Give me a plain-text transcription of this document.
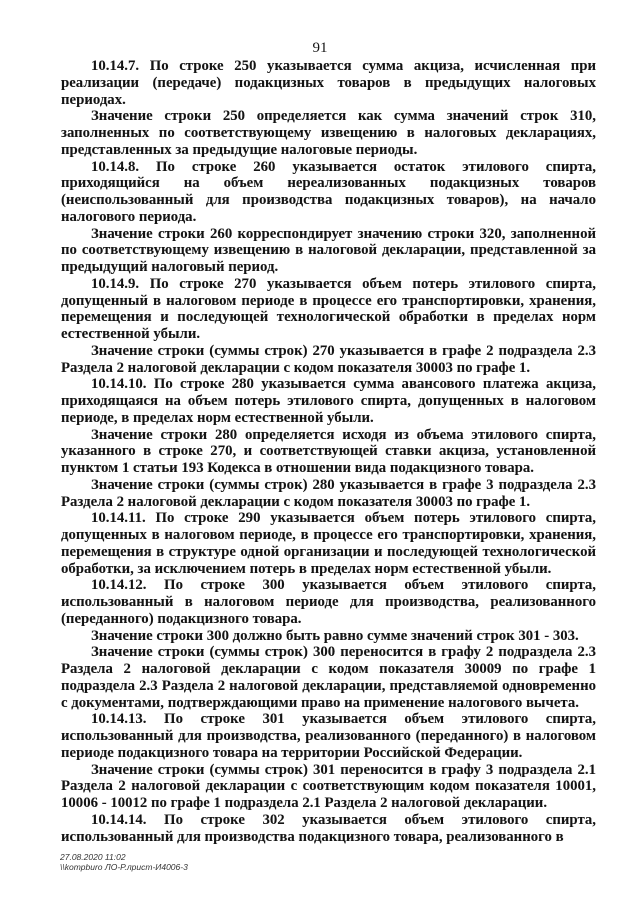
91

10.14.7. По строке 250 указывается сумма акциза, исчисленная при реализации (передаче) подакцизных товаров в предыдущих налоговых периодах.

Значение строки 250 определяется как сумма значений строк 310, заполненных по соответствующему извещению в налоговых декларациях, представленных за предыдущие налоговые периоды.

10.14.8. По строке 260 указывается остаток этилового спирта, приходящийся на объем нереализованных подакцизных товаров (неиспользованный для производства подакцизных товаров), на начало налогового периода.

Значение строки 260 корреспондирует значению строки 320, заполненной по соответствующему извещению в налоговой декларации, представленной за предыдущий налоговый период.

10.14.9. По строке 270 указывается объем потерь этилового спирта, допущенный в налоговом периоде в процессе его транспортировки, хранения, перемещения и последующей технологической обработки в пределах норм естественной убыли.

Значение строки (суммы строк) 270 указывается в графе 2 подраздела 2.3 Раздела 2 налоговой декларации с кодом показателя 30003 по графе 1.

10.14.10. По строке 280 указывается сумма авансового платежа акциза, приходящаяся на объем потерь этилового спирта, допущенных в налоговом периоде, в пределах норм естественной убыли.

Значение строки 280 определяется исходя из объема этилового спирта, указанного в строке 270, и соответствующей ставки акциза, установленной пунктом 1 статьи 193 Кодекса в отношении вида подакцизного товара.

Значение строки (суммы строк) 280 указывается в графе 3 подраздела 2.3 Раздела 2 налоговой декларации с кодом показателя 30003 по графе 1.

10.14.11. По строке 290 указывается объем потерь этилового спирта, допущенных в налоговом периоде, в процессе его транспортировки, хранения, перемещения в структуре одной организации и последующей технологической обработки, за исключением потерь в пределах норм естественной убыли.

10.14.12. По строке 300 указывается объем этилового спирта, использованный в налоговом периоде для производства, реализованного (переданного) подакцизного товара.

Значение строки 300 должно быть равно сумме значений строк 301 - 303.

Значение строки (суммы строк) 300 переносится в графу 2 подраздела 2.3 Раздела 2 налоговой декларации с кодом показателя 30009 по графе 1 подраздела 2.3 Раздела 2 налоговой декларации, представляемой одновременно с документами, подтверждающими право на применение налогового вычета.

10.14.13. По строке 301 указывается объем этилового спирта, использованный для производства, реализованного (переданного) в налоговом периоде подакцизного товара на территории Российской Федерации.

Значение строки (суммы строк) 301 переносится в графу 3 подраздела 2.1 Раздела 2 налоговой декларации с соответствующим кодом показателя 10001, 10006 - 10012 по графе 1 подраздела 2.1 Раздела 2 налоговой декларации.

10.14.14. По строке 302 указывается объем этилового спирта, использованный для производства подакцизного товара, реализованного в

27.08.2020 11:02
\\kompburo ЛО-Р.лрист-И4006-3
